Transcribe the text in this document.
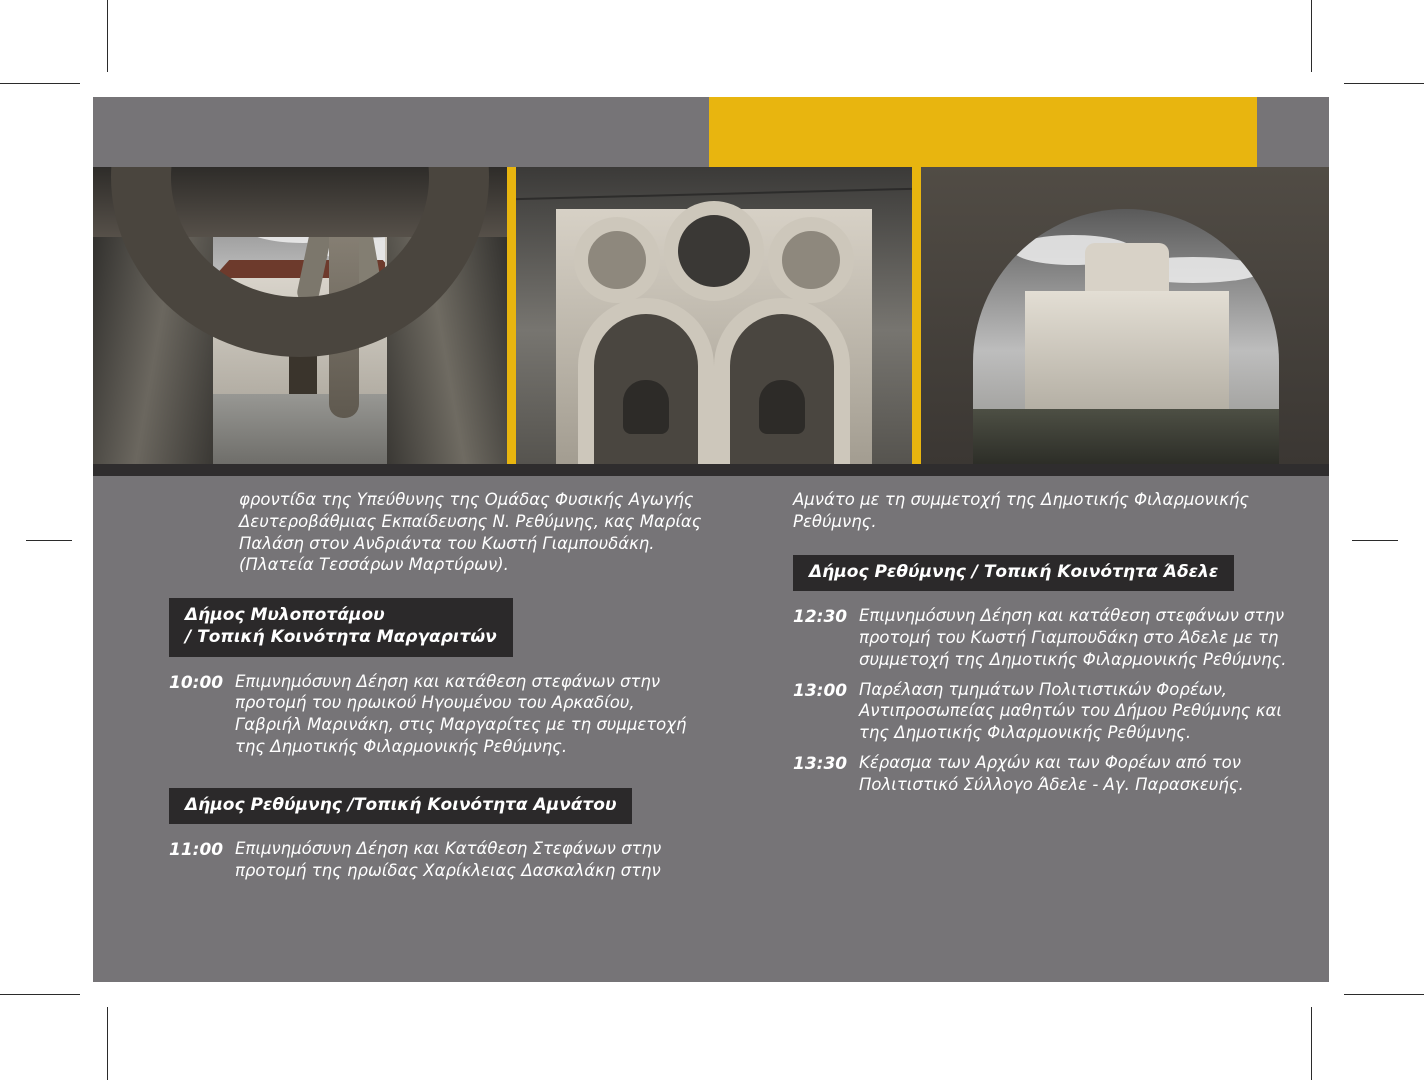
φροντίδα της Υπεύθυνης της Ομάδας Φυσικής Αγωγής Δευτεροβάθμιας Εκπαίδευσης Ν. Ρεθύμνης, κας Μαρίας Παλάση στον Ανδριάντα του Κωστή Γιαμπουδάκη. (Πλατεία Τεσσάρων Μαρτύρων).

Δήμος Μυλοποτάμου
/ Τοπική Κοινότητα Μαργαριτών
10:00 Επιμνημόσυνη Δέηση και κατάθεση στεφάνων στην προτομή του ηρωικού Ηγουμένου του Αρκαδίου, Γαβριήλ Μαρινάκη, στις Μαργαρίτες με τη συμμετοχή της Δημοτικής Φιλαρμονικής Ρεθύμνης.
Δήμος Ρεθύμνης /Τοπική Κοινότητα Αμνάτου
11:00 Επιμνημόσυνη Δέηση και Κατάθεση Στεφάνων στην προτομή της ηρωίδας Χαρίκλειας Δασκαλάκη στην

Αμνάτο με τη συμμετοχή της Δημοτικής Φιλαρμονικής Ρεθύμνης.

Δήμος Ρεθύμνης / Τοπική Κοινότητα Άδελε
12:30 Επιμνημόσυνη Δέηση και κατάθεση στεφάνων στην προτομή του Κωστή Γιαμπουδάκη στο Άδελε με τη συμμετοχή της Δημοτικής Φιλαρμονικής Ρεθύμνης.
13:00 Παρέλαση τμημάτων Πολιτιστικών Φορέων, Αντιπροσωπείας μαθητών του Δήμου Ρεθύμνης και της Δημοτικής Φιλαρμονικής Ρεθύμνης.
13:30 Κέρασμα των Αρχών και των Φορέων από τον Πολιτιστικό Σύλλογο Άδελε - Αγ. Παρασκευής.
